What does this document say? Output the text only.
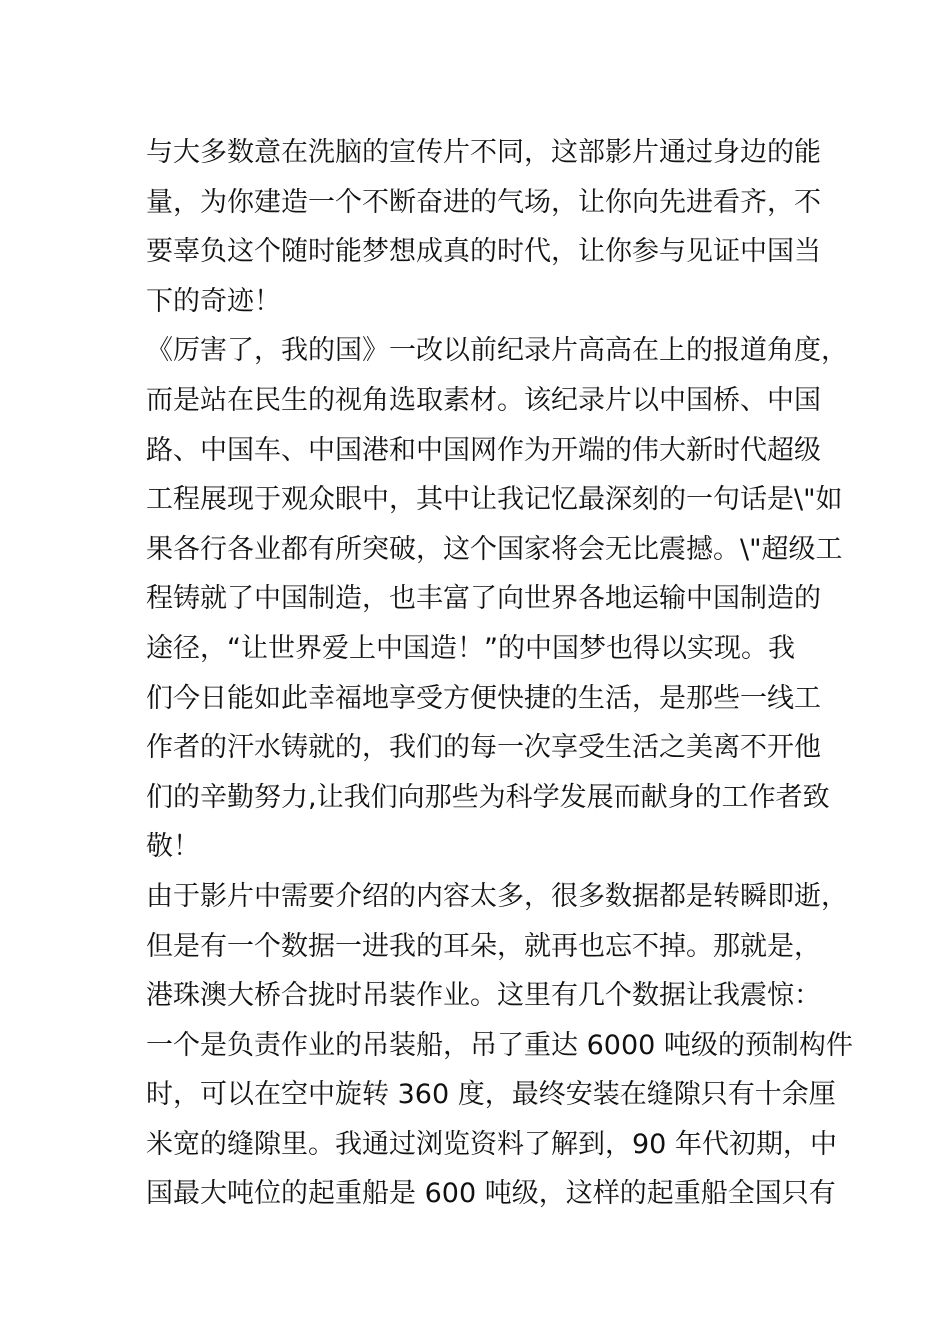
与大多数意在洗脑的宣传片不同，这部影片通过身边的能
量，为你建造一个不断奋进的气场，让你向先进看齐，不
要辜负这个随时能梦想成真的时代，让你参与见证中国当
下的奇迹！
《厉害了，我的国》一改以前纪录片高高在上的报道角度，
而是站在民生的视角选取素材。该纪录片以中国桥、中国
路、中国车、中国港和中国网作为开端的伟大新时代超级
工程展现于观众眼中，其中让我记忆最深刻的一句话是\"如
果各行各业都有所突破，这个国家将会无比震撼。\"超级工
程铸就了中国制造，也丰富了向世界各地运输中国制造的
途径，“让世界爱上中国造！”的中国梦也得以实现。我
们今日能如此幸福地享受方便快捷的生活，是那些一线工
作者的汗水铸就的，我们的每一次享受生活之美离不开他
们的辛勤努力,让我们向那些为科学发展而献身的工作者致
敬！
由于影片中需要介绍的内容太多，很多数据都是转瞬即逝，
但是有一个数据一进我的耳朵，就再也忘不掉。那就是，
港珠澳大桥合拢时吊装作业。这里有几个数据让我震惊：
一个是负责作业的吊装船，吊了重达 6000 吨级的预制构件
时，可以在空中旋转 360 度，最终安装在缝隙只有十余厘
米宽的缝隙里。我通过浏览资料了解到，90 年代初期，中
国最大吨位的起重船是 600 吨级，这样的起重船全国只有
